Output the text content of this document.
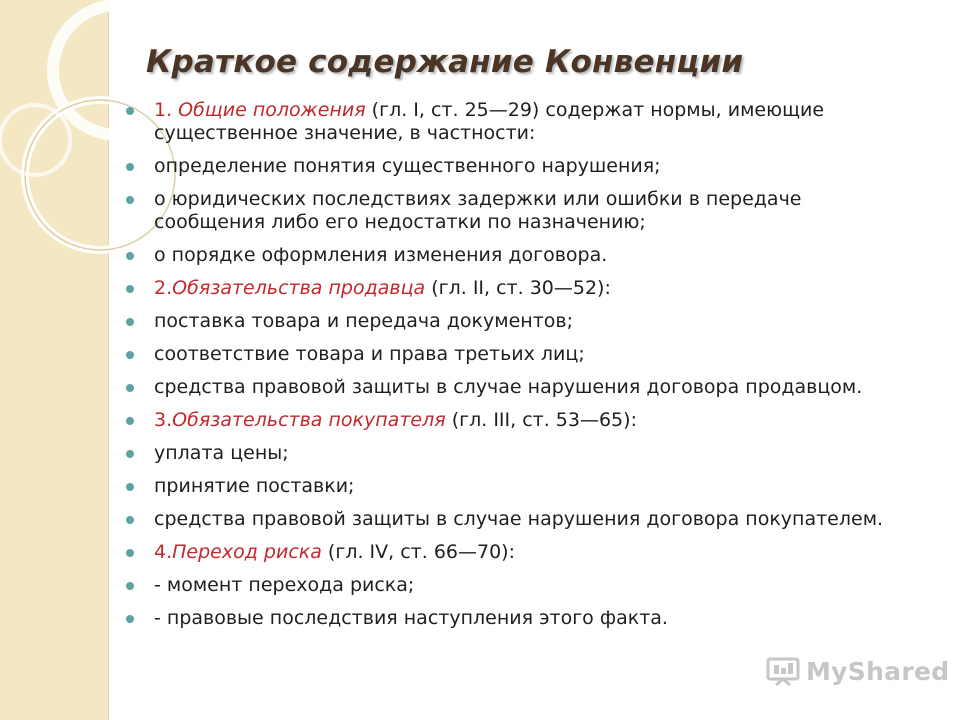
Краткое содержание Конвенции
1. Общие положения (гл. I, ст. 25—29) содержат нормы, имеющие существенное значение, в частности:
определение понятия существенного нарушения;
о юридических последствиях задержки или ошибки в передаче сообщения либо его недостатки по назначению;
о порядке оформления изменения договора.
2.Обязательства продавца (гл. II, ст. 30—52):
поставка товара и передача документов;
соответствие товара и права третьих лиц;
средства правовой защиты в случае нарушения договора продавцом.
3.Обязательства покупателя (гл. III, ст. 53—65):
уплата цены;
принятие поставки;
средства правовой защиты в случае нарушения договора покупателем.
4.Переход риска (гл. IV, ст. 66—70):
- момент перехода риска;
- правовые последствия наступления этого факта.
MyShared
